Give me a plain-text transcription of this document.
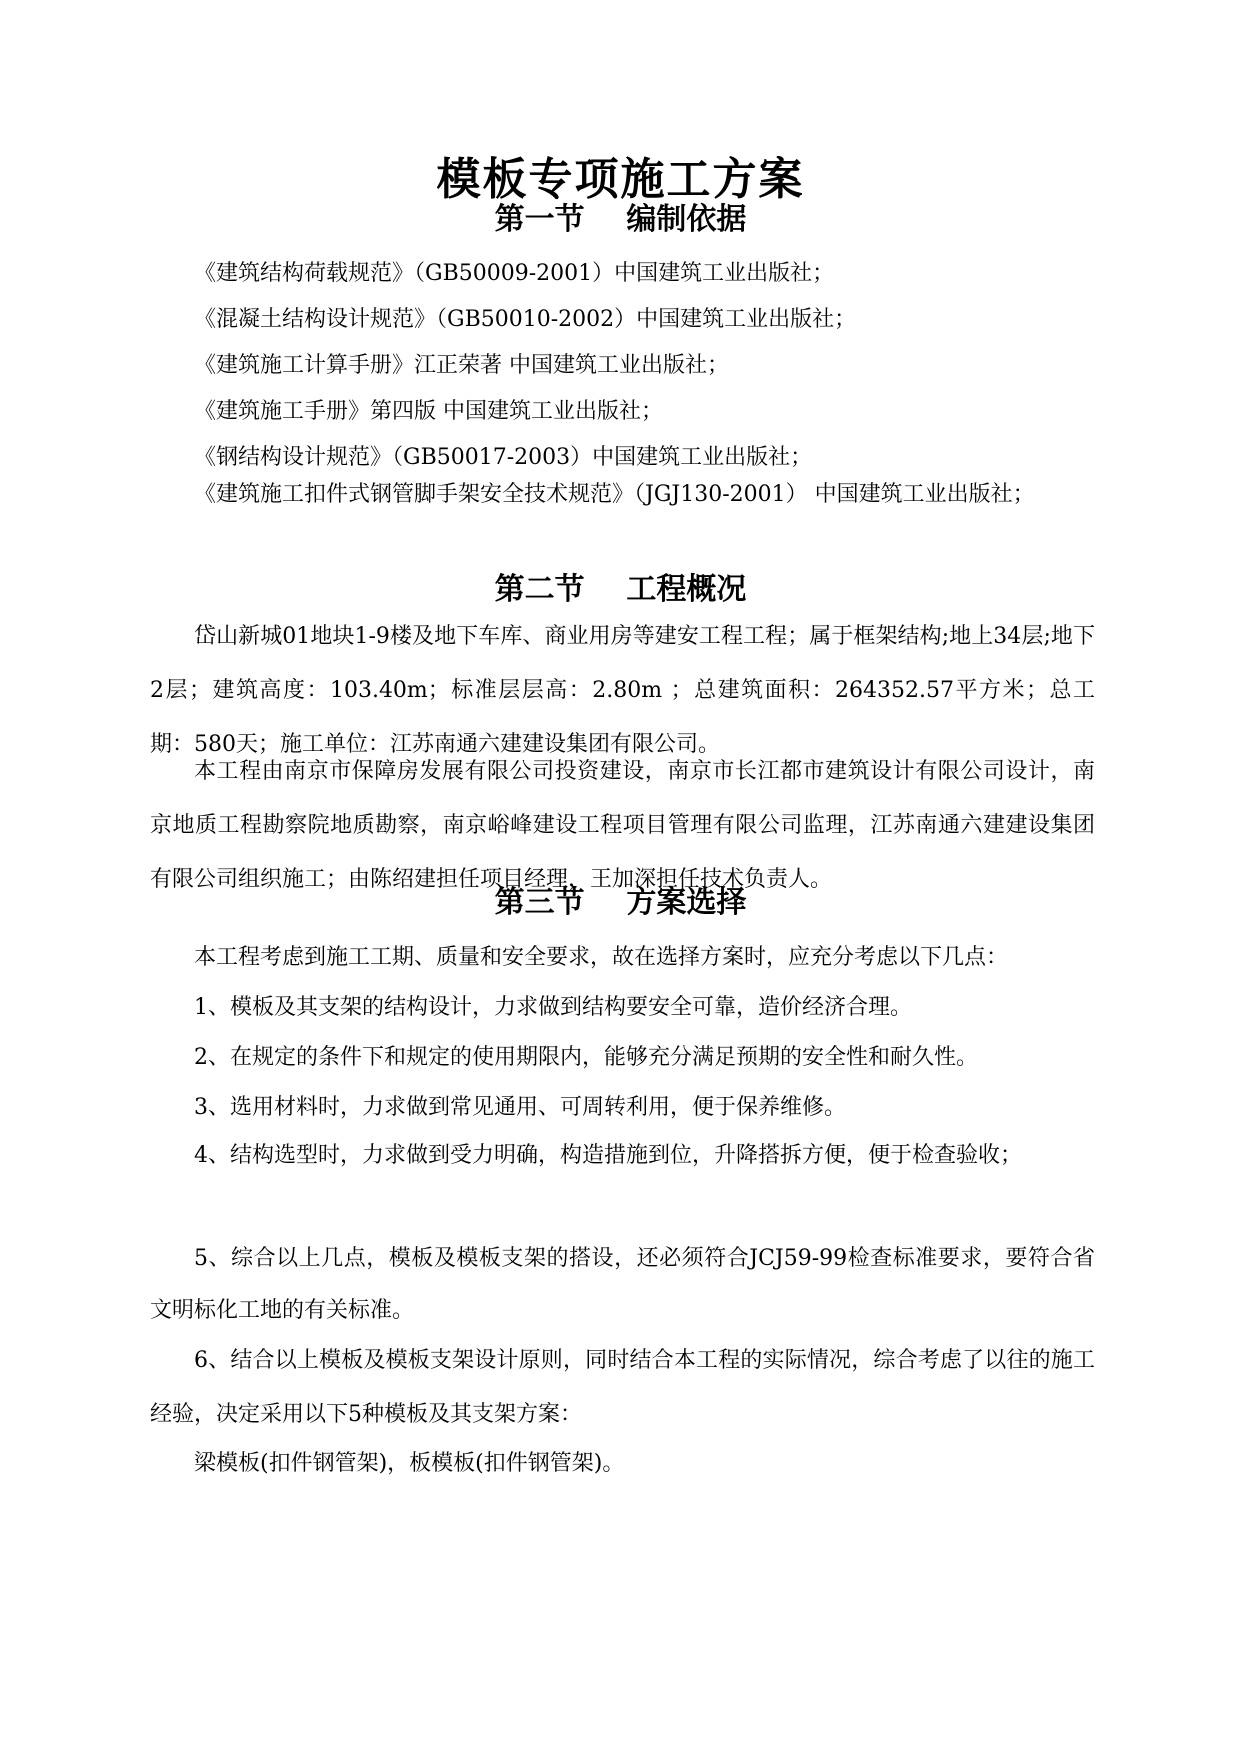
模板专项施工方案
第一节    编制依据

《建筑结构荷载规范》（GB50009-2001）中国建筑工业出版社；

《混凝土结构设计规范》（GB50010-2002）中国建筑工业出版社；

《建筑施工计算手册》江正荣著 中国建筑工业出版社；

《建筑施工手册》第四版 中国建筑工业出版社；

《钢结构设计规范》（GB50017-2003）中国建筑工业出版社；

《建筑施工扣件式钢管脚手架安全技术规范》（JGJ130-2001） 中国建筑工业出版社；

第二节    工程概况

岱山新城01地块1-9楼及地下车库、商业用房等建安工程工程；属于框架结构;地上34层;地下2层；建筑高度：103.40m；标准层层高：2.80m ；总建筑面积：264352.57平方米；总工期：580天；施工单位：江苏南通六建建设集团有限公司。

本工程由南京市保障房发展有限公司投资建设，南京市长江都市建筑设计有限公司设计，南京地质工程勘察院地质勘察，南京峪峰建设工程项目管理有限公司监理，江苏南通六建建设集团有限公司组织施工；由陈绍建担任项目经理，王加深担任技术负责人。

第三节    方案选择

本工程考虑到施工工期、质量和安全要求，故在选择方案时，应充分考虑以下几点：

1、模板及其支架的结构设计，力求做到结构要安全可靠，造价经济合理。

2、在规定的条件下和规定的使用期限内，能够充分满足预期的安全性和耐久性。

3、选用材料时，力求做到常见通用、可周转利用，便于保养维修。

4、结构选型时，力求做到受力明确，构造措施到位，升降搭拆方便，便于检查验收；

5、综合以上几点，模板及模板支架的搭设，还必须符合JCJ59-99检查标准要求，要符合省文明标化工地的有关标准。

6、结合以上模板及模板支架设计原则，同时结合本工程的实际情况，综合考虑了以往的施工经验，决定采用以下5种模板及其支架方案：

梁模板(扣件钢管架)，板模板(扣件钢管架)。
